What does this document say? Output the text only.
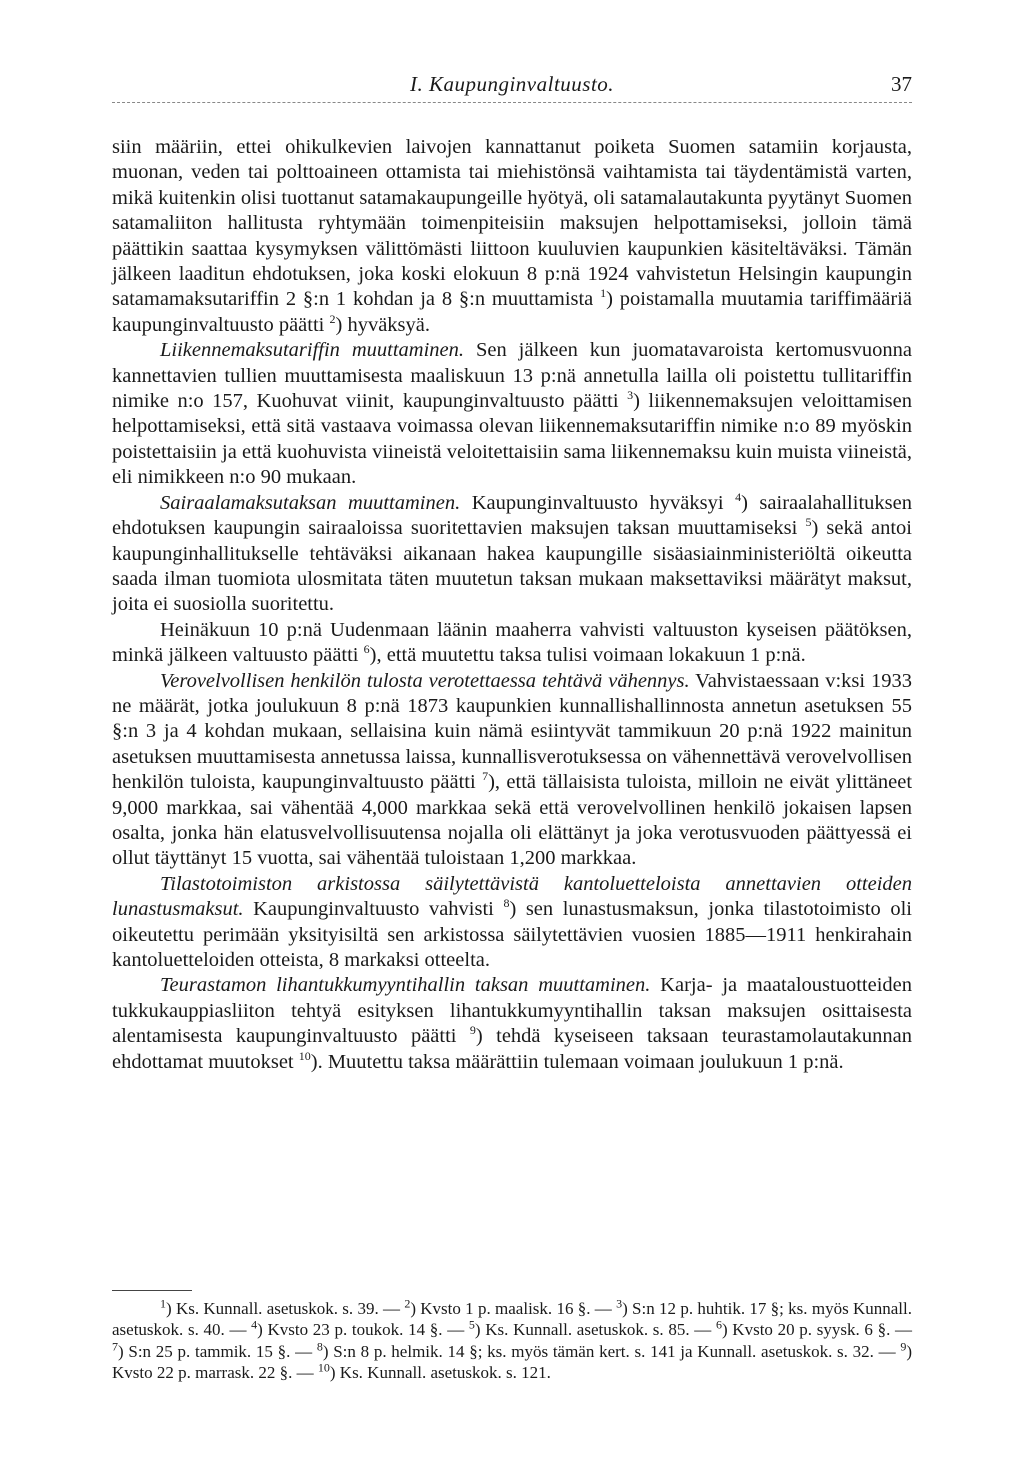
I. Kaupunginvaltuusto.	37

siin määriin, ettei ohikulkevien laivojen kannattanut poiketa Suomen satamiin korjausta, muonan, veden tai polttoaineen ottamista tai miehistönsä vaihtamista tai täydentämistä varten, mikä kuitenkin olisi tuottanut satamakaupungeille hyötyä, oli satamalautakunta pyytänyt Suomen satamaliiton hallitusta ryhtymään toimenpiteisiin maksujen helpottamiseksi, jolloin tämä päättikin saattaa kysymyksen välittömästi liittoon kuuluvien kaupunkien käsiteltäväksi. Tämän jälkeen laaditun ehdotuksen, joka koski elokuun 8 p:nä 1924 vahvistetun Helsingin kaupungin satamamaksutariffin 2 §:n 1 kohdan ja 8 §:n muuttamista $^1$) poistamalla muutamia tariffimääriä kaupunginvaltuusto päätti $^2$) hyväksyä.

Liikennemaksutariffin muuttaminen. Sen jälkeen kun juomatavaroista kertomusvuonna kannettavien tullien muuttamisesta maaliskuun 13 p:nä annetulla lailla oli poistettu tullitariffin nimike n:o 157, Kuohuvat viinit, kaupunginvaltuusto päätti $^3$) liikennemaksujen veloittamisen helpottamiseksi, että sitä vastaava voimassa olevan liikennemaksutariffin nimike n:o 89 myöskin poistettaisiin ja että kuohuvista viineistä veloitettaisiin sama liikennemaksu kuin muista viineistä, eli nimikkeen n:o 90 mukaan.

Sairaalamaksutaksan muuttaminen. Kaupunginvaltuusto hyväksyi $^4$) sairaalahallituksen ehdotuksen kaupungin sairaaloissa suoritettavien maksujen taksan muuttamiseksi $^5$) sekä antoi kaupunginhallitukselle tehtäväksi aikanaan hakea kaupungille sisäasiainministeriöltä oikeutta saada ilman tuomiota ulosmitata täten muutetun taksan mukaan maksettaviksi määrätyt maksut, joita ei suosiolla suoritettu.

Heinäkuun 10 p:nä Uudenmaan läänin maaherra vahvisti valtuuston kyseisen päätöksen, minkä jälkeen valtuusto päätti $^6$), että muutettu taksa tulisi voimaan lokakuun 1 p:nä.

Verovelvollisen henkilön tulosta verotettaessa tehtävä vähennys. Vahvistaessaan v:ksi 1933 ne määrät, jotka joulukuun 8 p:nä 1873 kaupunkien kunnallishallinnosta annetun asetuksen 55 §:n 3 ja 4 kohdan mukaan, sellaisina kuin nämä esiintyvät tammikuun 20 p:nä 1922 mainitun asetuksen muuttamisesta annetussa laissa, kunnallisverotuksessa on vähennettävä verovelvollisen henkilön tuloista, kaupunginvaltuusto päätti $^7$), että tällaisista tuloista, milloin ne eivät ylittäneet 9,000 markkaa, sai vähentää 4,000 markkaa sekä että verovelvollinen henkilö jokaisen lapsen osalta, jonka hän elatusvelvollisuutensa nojalla oli elättänyt ja joka verotusvuoden päättyessä ei ollut täyttänyt 15 vuotta, sai vähentää tuloistaan 1,200 markkaa.

Tilastotoimiston arkistossa säilytettävistä kantoluetteloista annettavien otteiden lunastusmaksut. Kaupunginvaltuusto vahvisti $^8$) sen lunastusmaksun, jonka tilastotoimisto oli oikeutettu perimään yksityisiltä sen arkistossa säilytettävien vuosien 1885—1911 henkirahain kantoluetteloiden otteista, 8 markaksi otteelta.

Teurastamon lihantukkumyyntihallin taksan muuttaminen. Karja- ja maataloustuotteiden tukkukauppiasliiton tehtyä esityksen lihantukkumyyntihallin taksan maksujen osittaisesta alentamisesta kaupunginvaltuusto päätti $^9$) tehdä kyseiseen taksaan teurastamolautakunnan ehdottamat muutokset $^{10}$). Muutettu taksa määrättiin tulemaan voimaan joulukuun 1 p:nä.

$^1$) Ks. Kunnall. asetuskok. s. 39. — $^2$) Kvsto 1 p. maalisk. 16 §. — $^3$) S:n 12 p. huhtik. 17 §; ks. myös Kunnall. asetuskok. s. 40. — $^4$) Kvsto 23 p. toukok. 14 §. — $^5$) Ks. Kunnall. asetuskok. s. 85. — $^6$) Kvsto 20 p. syysk. 6 §. — $^7$) S:n 25 p. tammik. 15 §. — $^8$) S:n 8 p. helmik. 14 §; ks. myös tämän kert. s. 141 ja Kunnall. asetuskok. s. 32. — $^9$) Kvsto 22 p. marrask. 22 §. — $^{10}$) Ks. Kunnall. asetuskok. s. 121.
